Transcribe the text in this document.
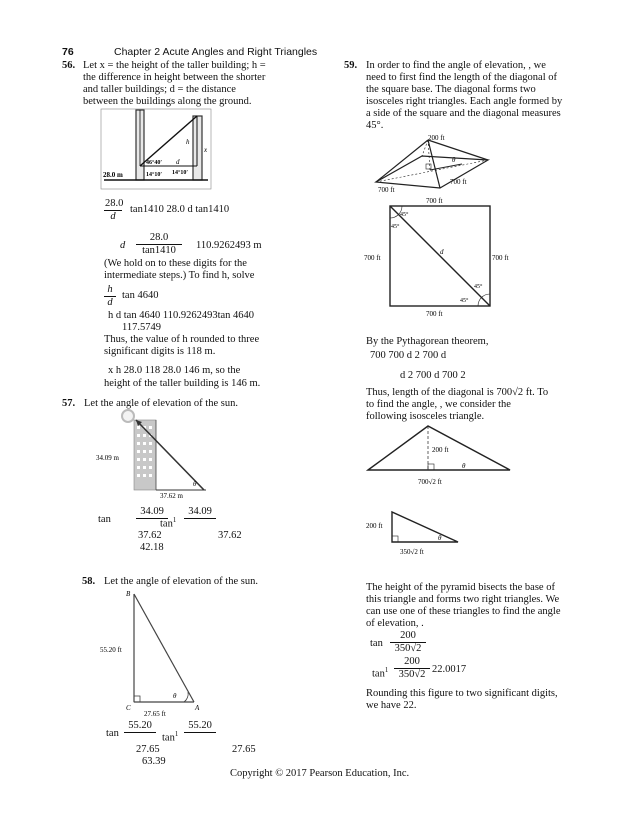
76	Chapter 2 Acute Angles and Right Triangles
56. Let x = the height of the taller building; h =
the difference in height between the shorter
and taller buildings; d = the distance
between the buildings along the ground.
h
x
d
28.0 m
46°40′
14°10′ 14°10′
$\frac{28.0}{d} \tan 1410$ 28.0 d tan1410
d $\frac{28.0}{\tan 1410} 110.9262493$ m
(We hold on to these digits for the
intermediate steps.) To find h, solve
$\frac{h}{d}$ tan 4640
h d tan 4640 110.9262493tan 4640
117.5749
Thus, the value of h rounded to three
significant digits is 118 m.
x h 28.0 118 28.0 146 m, so the
height of the taller building is 146 m.
57. Let the angle of elevation of the sun.
34.09 m
37.62 m
θ
tan
34.09
$\tan^1$
34.09
37.62	37.62
42.18
58. Let the angle of elevation of the sun.
B
C	A
55.20 ft
27.65 ft
θ
tan
55.20
$\tan^1$
55.20
27.65	27.65
63.39
59. In order to find the angle of elevation, , we
need to first find the length of the diagonal of
the square base. The diagonal forms two
isosceles right triangles. Each angle formed by
a side of the square and the diagonal measures
45°.
200 ft
700 ft
700 ft
θ
700 ft
700 ft	700 ft
700 ft
d
45°
45°
45°
45°
By the Pythagorean theorem,
700 700 d 2 700 d
d 2 700 d 700 2
Thus, length of the diagonal is 700√2 ft. To
to find the angle, , we consider the
following isosceles triangle.
200 ft
700√2 ft
θ
200 ft
350√2 ft
θ
The height of the pyramid bisects the base of
this triangle and forms two right triangles. We
can use one of these triangles to find the angle
of elevation, .
$\tan \frac{200}{350√2}$
$\tan^1 \frac{200}{350√2} 22.0017$
Rounding this figure to two significant digits,
we have 22.
Copyright © 2017 Pearson Education, Inc.
